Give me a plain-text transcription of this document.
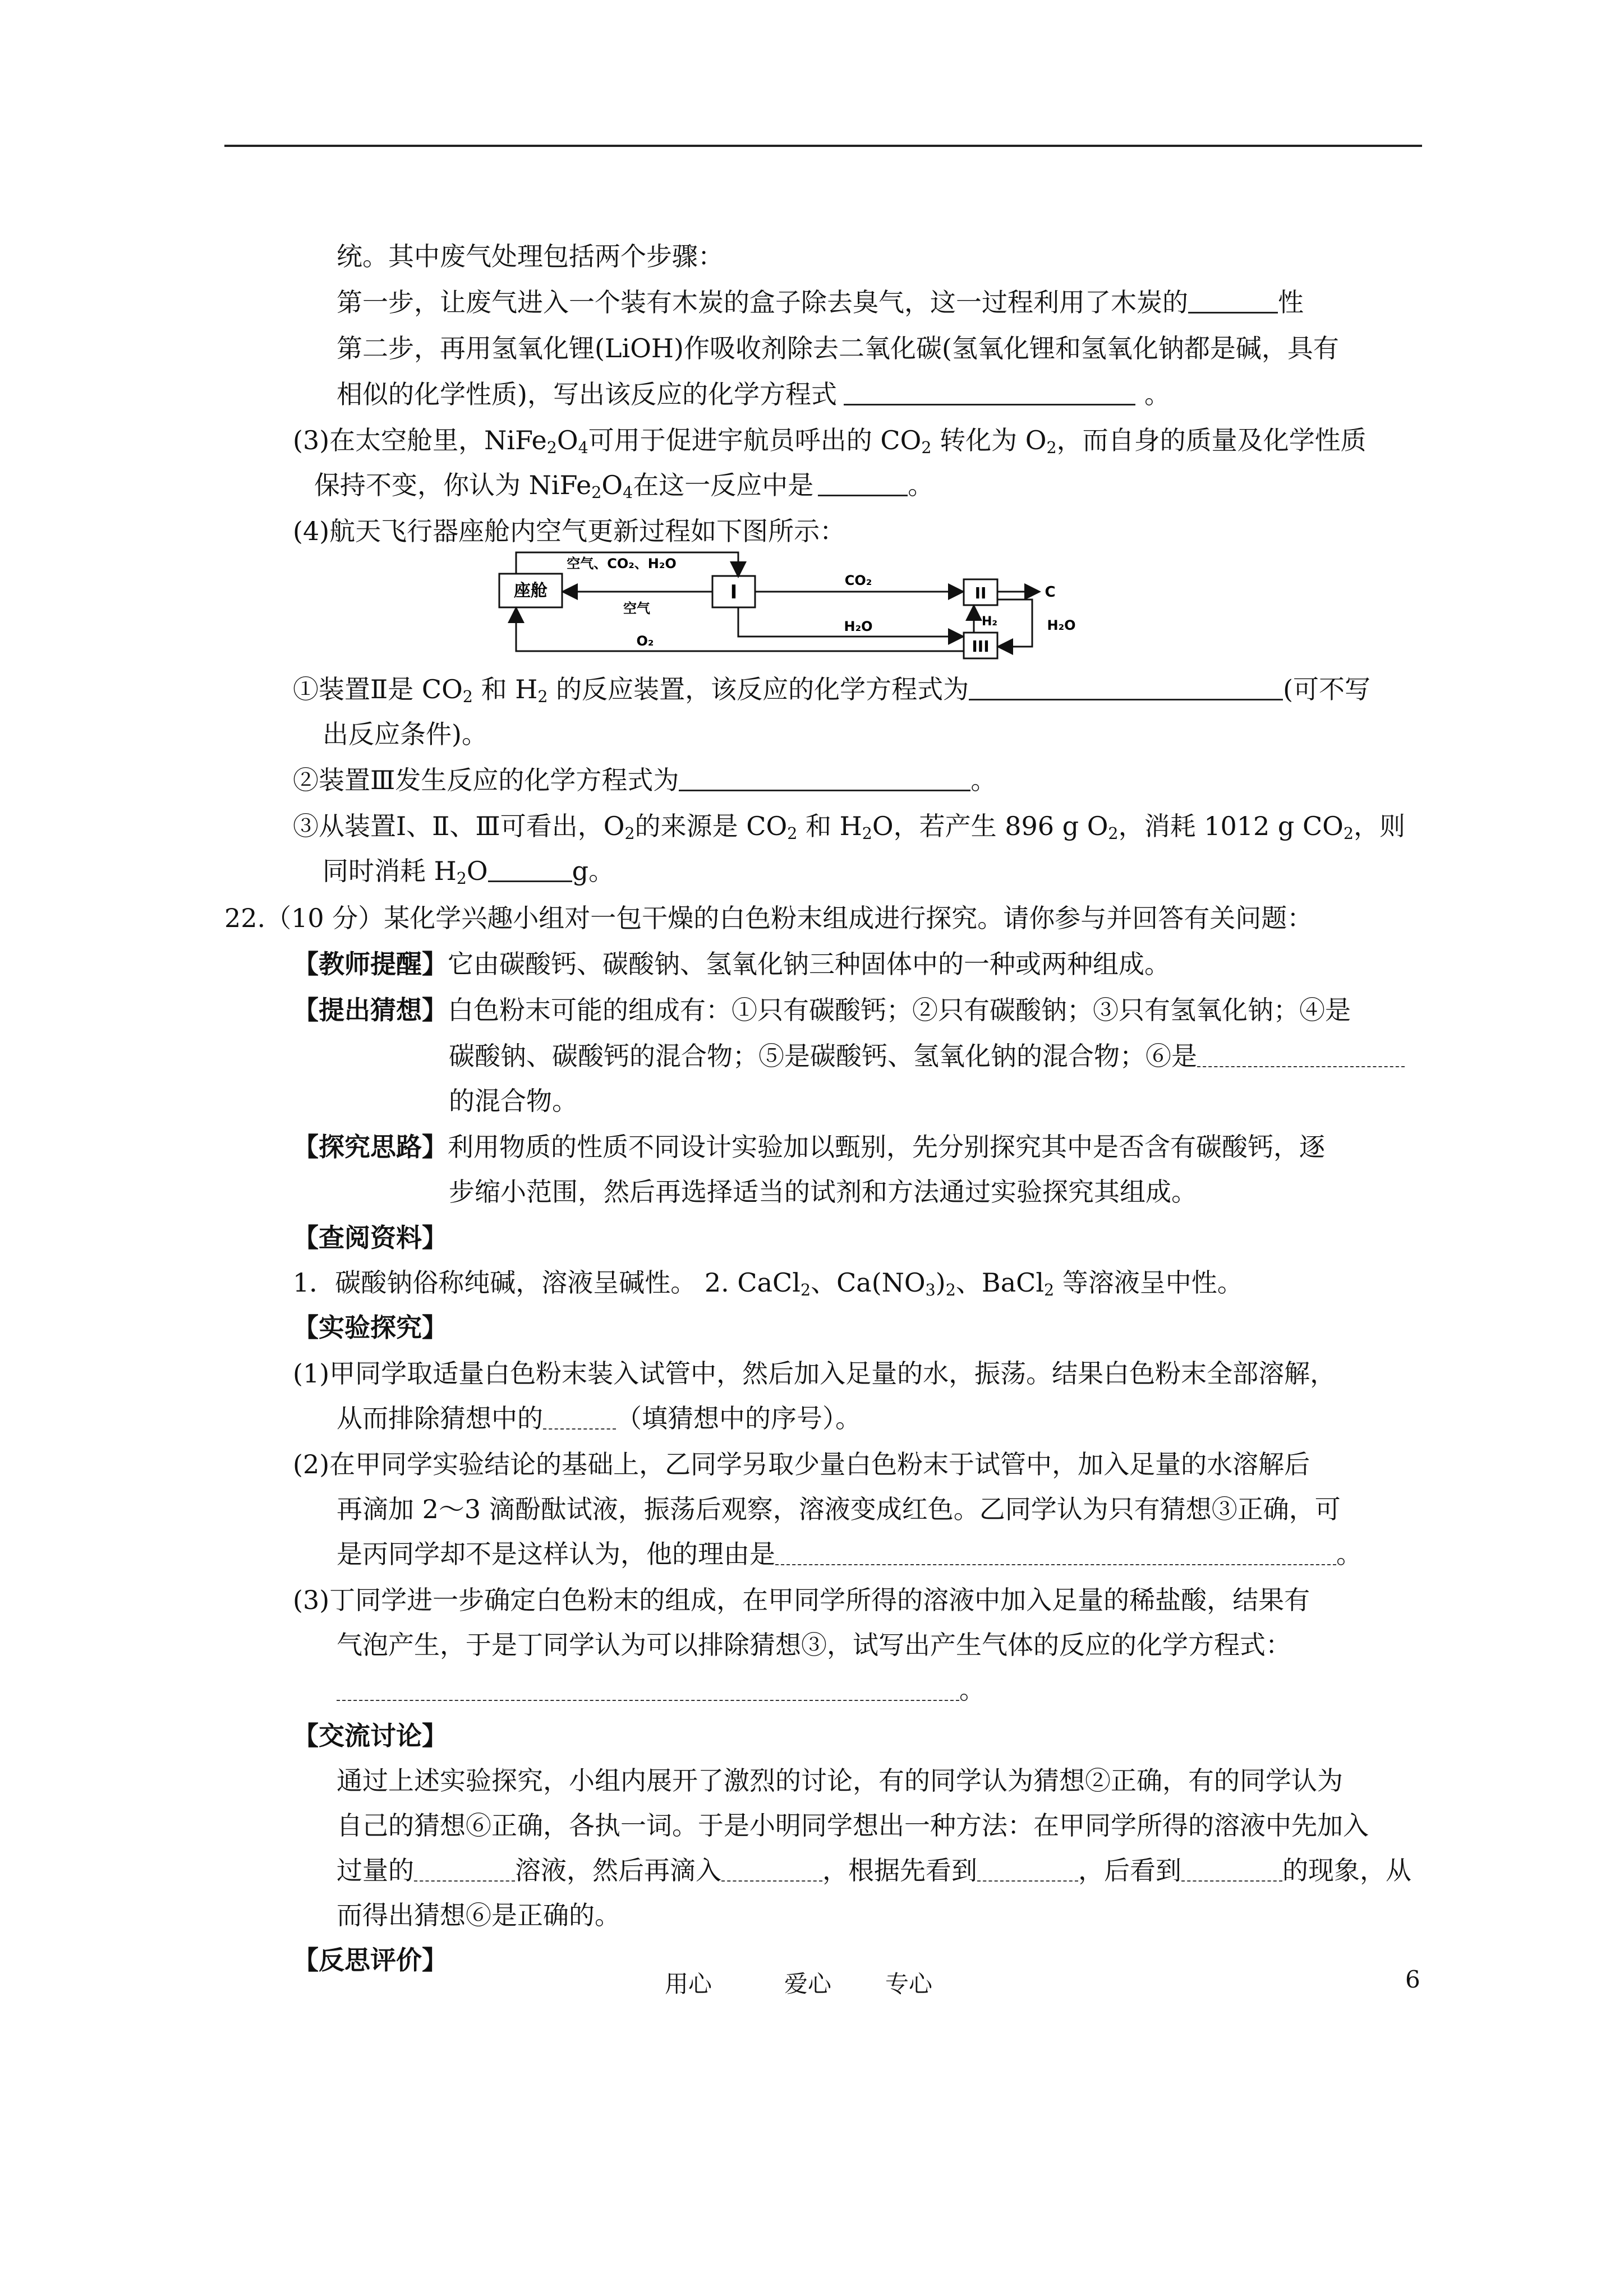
统。其中废气处理包括两个步骤：
第一步，让废气进入一个装有木炭的盒子除去臭气，这一过程利用了木炭的	性
第二步，再用氢氧化锂(LiOH)作吸收剂除去二氧化碳(氢氧化锂和氢氧化钠都是碱，具有
相似的化学性质)，写出该反应的化学方程式	。
(3)在太空舱里，$NiFe_2O_4$可用于促进宇航员呼出的 $CO_2$ 转化为 $O_2$，而自身的质量及化学性质
保持不变，你认为 $NiFe_2O_4$在这一反应中是	。
(4)航天飞行器座舱内空气更新过程如下图所示：
座舱	I	II
III
空气、CO₂、H₂O
空气
CO₂
C
H₂	H₂O
H₂O
O₂
①装置Ⅱ是 $CO_2$ 和 $H_2$ 的反应装置，该反应的化学方程式为	(可不写
出反应条件)。
②装置Ⅲ发生反应的化学方程式为	。
③从装置Ⅰ、Ⅱ、Ⅲ可看出，$O_2$的来源是 $CO_2$ 和 $H_2O$，若产生 896 g $O_2$，消耗 1012 g $CO_2$，则
同时消耗 $H_2O$	g。
22.（10 分）某化学兴趣小组对一包干燥的白色粉末组成进行探究。请你参与并回答有关问题：
【教师提醒】它由碳酸钙、碳酸钠、氢氧化钠三种固体中的一种或两种组成。
【提出猜想】白色粉末可能的组成有：①只有碳酸钙；②只有碳酸钠；③只有氢氧化钠；④是
碳酸钠、碳酸钙的混合物；⑤是碳酸钙、氢氧化钠的混合物；⑥是
的混合物。
【探究思路】利用物质的性质不同设计实验加以甄别，先分别探究其中是否含有碳酸钙，逐
步缩小范围，然后再选择适当的试剂和方法通过实验探究其组成。
【查阅资料】
1．碳酸钠俗称纯碱，溶液呈碱性。 2. CaCl$_2$、$Ca(NO_3)_2$、BaCl$_2$ 等溶液呈中性。
【实验探究】
(1)甲同学取适量白色粉末装入试管中，然后加入足量的水，振荡。结果白色粉末全部溶解，
从而排除猜想中的	（填猜想中的序号）。
(2)在甲同学实验结论的基础上，乙同学另取少量白色粉末于试管中，加入足量的水溶解后
再滴加 2～3 滴酚酞试液，振荡后观察，溶液变成红色。乙同学认为只有猜想③正确，可
是丙同学却不是这样认为，他的理由是	。
(3)丁同学进一步确定白色粉末的组成，在甲同学所得的溶液中加入足量的稀盐酸，结果有
气泡产生，于是丁同学认为可以排除猜想③，试写出产生气体的反应的化学方程式：
。
【交流讨论】
通过上述实验探究，小组内展开了激烈的讨论，有的同学认为猜想②正确，有的同学认为
自己的猜想⑥正确，各执一词。于是小明同学想出一种方法：在甲同学所得的溶液中先加入
过量的	溶液，然后再滴入	，根据先看到	，后看到	的现象，从
而得出猜想⑥是正确的。
【反思评价】
用心	爱心 专心	6
